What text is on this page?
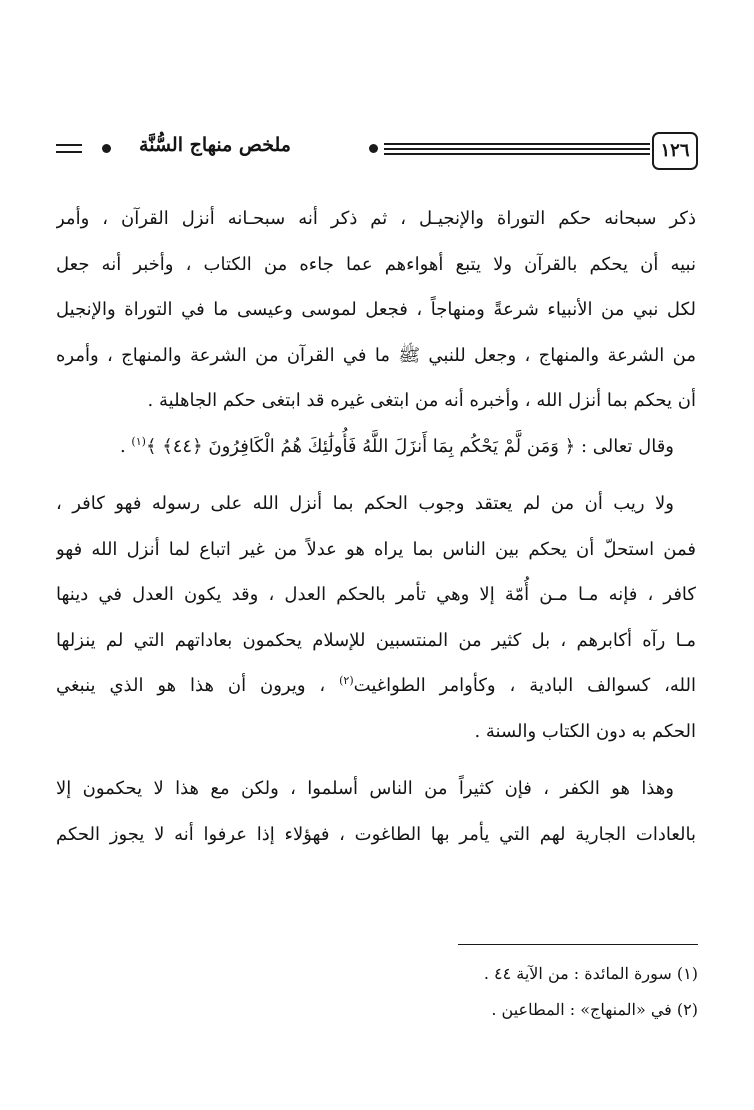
١٢٦
ملخص منهاج السُّنَّة
ذكر سبحانه حكم التوراة والإنجيـل ، ثم ذكر أنه سبحـانه أنزل القرآن ، وأمر
نبيه أن يحكم بالقرآن ولا يتبع أهواءهم عما جاءه من الكتاب ، وأخبر أنه جعل
لكل نبي من الأنبياء شرعةً ومنهاجاً ، فجعل لموسى وعيسى ما في التوراة والإنجيل
من الشرعة والمنهاج ، وجعل للنبي ﷺ ما في القرآن من الشرعة والمنهاج ، وأمره
أن يحكم بما أنزل الله ، وأخبره أنه من ابتغى غيره قد ابتغى حكم الجاهلية .
وقال تعالى : ﴿ وَمَن لَّمْ يَحْكُم بِمَا أَنزَلَ اللَّهُ فَأُولَٰئِكَ هُمُ الْكَافِرُونَ ﴿٤٤﴾ ﴾$^{(١)}$ .
ولا ريب أن من لم يعتقد وجوب الحكم بما أنزل الله على رسوله فهو كافر ،
فمن استحلّ أن يحكم بين الناس بما يراه هو عدلاً من غير اتباع لما أنزل الله فهو
كافر ، فإنه مـا مـن أُمّة إلا وهي تأمر بالحكم العدل ، وقد يكون العدل في دينها
مـا رآه أكابرهم ، بل كثير من المنتسبين للإسلام يحكمون بعاداتهم التي لم ينزلها
الله، كسوالف البادية ، وكأوامر الطواغيت$^{(٢)}$ ، ويرون أن هذا هو الذي ينبغي
الحكم به دون الكتاب والسنة .
وهذا هو الكفر ، فإن كثيراً من الناس أسلموا ، ولكن مع هذا لا يحكمون إلا
بالعادات الجارية لهم التي يأمر بها الطاغوت ، فهؤلاء إذا عرفوا أنه لا يجوز الحكم
(١) سورة المائدة : من الآية ٤٤ .
(٢) في «المنهاج» : المطاعين .
